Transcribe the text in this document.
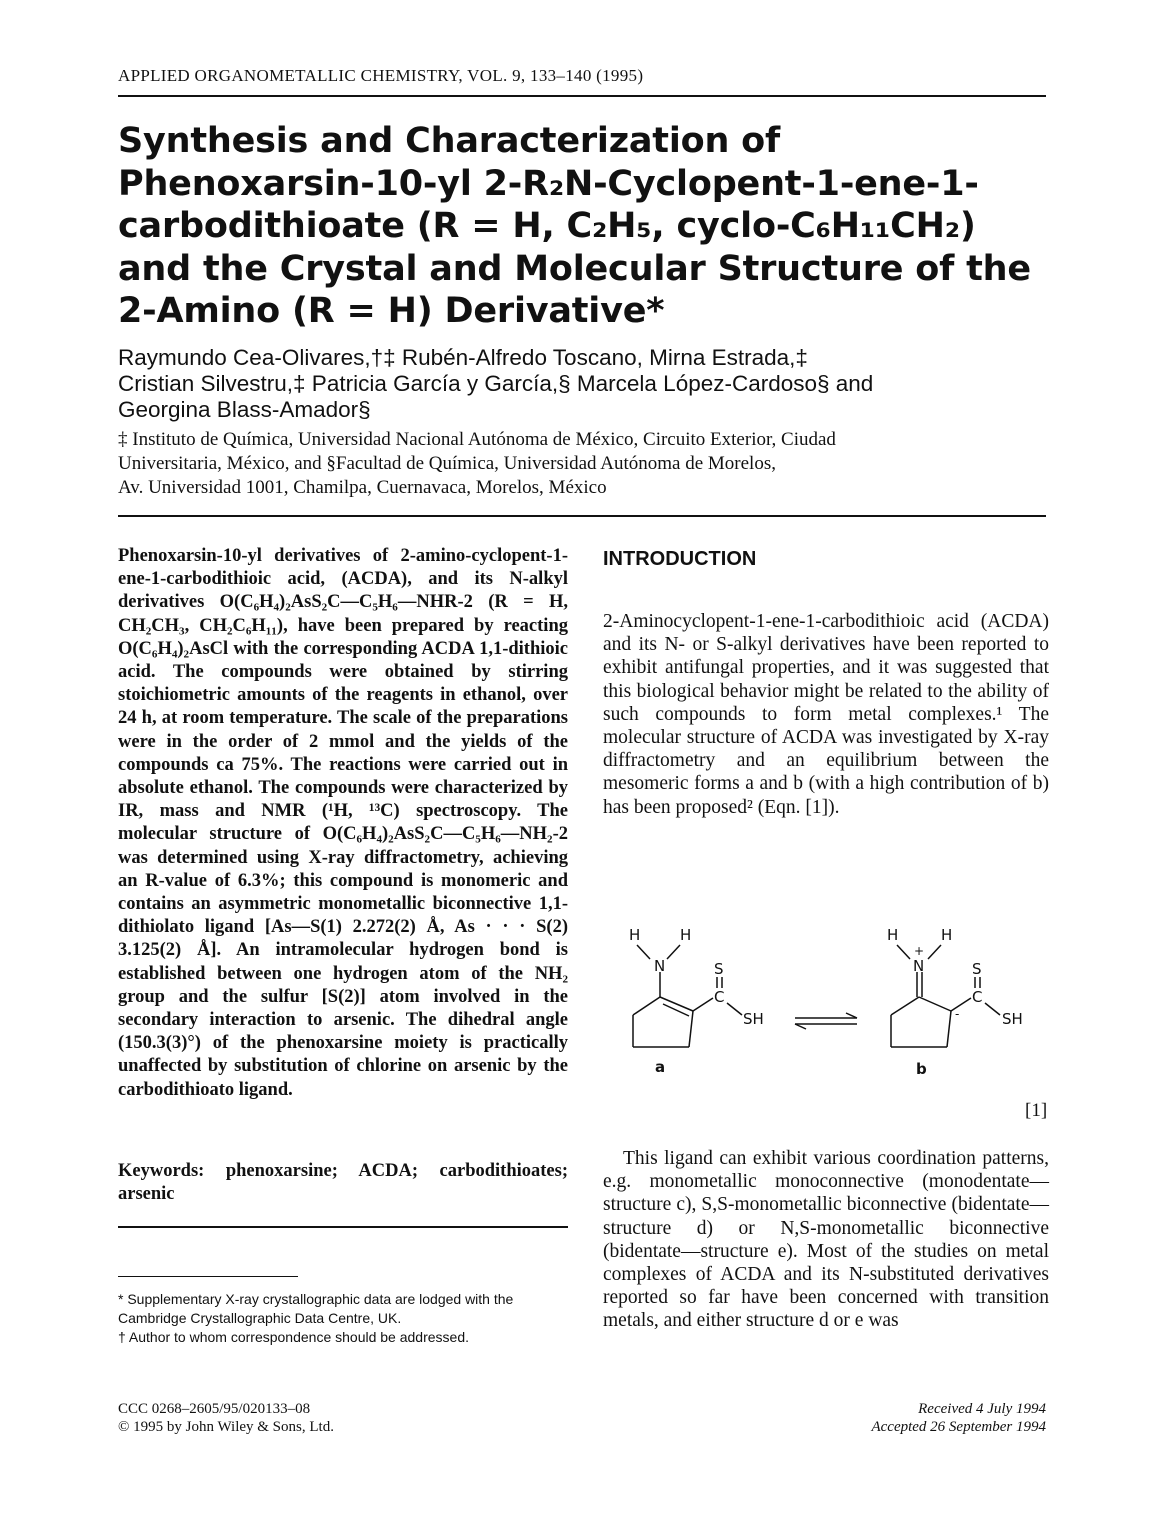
APPLIED ORGANOMETALLIC CHEMISTRY, VOL. 9, 133–140 (1995)
Synthesis and Characterization of
Phenoxarsin-10-yl 2-R₂N-Cyclopent-1-ene-1-
carbodithioate (R = H, C₂H₅, cyclo-C₆H₁₁CH₂)
and the Crystal and Molecular Structure of the
2-Amino (R = H) Derivative*
Raymundo Cea-Olivares,†‡ Rubén-Alfredo Toscano, Mirna Estrada,‡
Cristian Silvestru,‡ Patricia García y García,§ Marcela López-Cardoso§ and
Georgina Blass-Amador§
‡ Instituto de Química, Universidad Nacional Autónoma de México, Circuito Exterior, Ciudad
Universitaria, México, and §Facultad de Química, Universidad Autónoma de Morelos,
Av. Universidad 1001, Chamilpa, Cuernavaca, Morelos, México

Phenoxarsin-10-yl derivatives of 2-amino-cyclopent-1-ene-1-carbodithioic acid, (ACDA), and its N-alkyl derivatives O(C₆H₄)₂AsS₂C—C₅H₆—NHR-2 (R = H, CH₂CH₃, CH₂C₆H₁₁), have been prepared by reacting O(C₆H₄)₂AsCl with the corresponding ACDA 1,1-dithioic acid. The compounds were obtained by stirring stoichiometric amounts of the reagents in ethanol, over 24 h, at room temperature. The scale of the preparations were in the order of 2 mmol and the yields of the compounds ca 75%. The reactions were carried out in absolute ethanol. The compounds were characterized by IR, mass and NMR (¹H, ¹³C) spectroscopy. The molecular structure of O(C₆H₄)₂AsS₂C—C₅H₆—NH₂-2 was determined using X-ray diffractometry, achieving an R-value of 6.3%; this compound is monomeric and contains an asymmetric monometallic biconnective 1,1-dithiolato ligand [As—S(1) 2.272(2) Å, As · · · S(2) 3.125(2) Å]. An intramolecular hydrogen bond is established between one hydrogen atom of the NH₂ group and the sulfur [S(2)] atom involved in the secondary interaction to arsenic. The dihedral angle (150.3(3)°) of the phenoxarsine moiety is practically unaffected by substitution of chlorine on arsenic by the carbodithioato ligand.

Keywords: phenoxarsine; ACDA; carbodithioates; arsenic

* Supplementary X-ray crystallographic data are lodged with the Cambridge Crystallographic Data Centre, UK.

† Author to whom correspondence should be addressed.

CCC 0268–2605/95/020133–08

© 1995 by John Wiley & Sons, Ltd.

INTRODUCTION

2-Aminocyclopent-1-ene-1-carbodithioic acid (ACDA) and its N- or S-alkyl derivatives have been reported to exhibit antifungal properties, and it was suggested that this biological behavior might be related to the ability of such compounds to form metal complexes.¹ The molecular structure of ACDA was investigated by X-ray diffractometry and an equilibrium between the mesomeric forms a and b (with a high contribution of b) has been proposed² (Eqn. [1]).

H	H
N	S
C
SH
a
H	H
+
N	S
C
-	SH
b
[1]

This ligand can exhibit various coordination patterns, e.g. monometallic monoconnective (monodentate—structure c), S,S-monometallic biconnective (bidentate—structure d) or N,S-monometallic biconnective (bidentate—structure e). Most of the studies on metal complexes of ACDA and its N-substituted derivatives reported so far have been concerned with transition metals, and either structure d or e was

Received 4 July 1994

Accepted 26 September 1994
